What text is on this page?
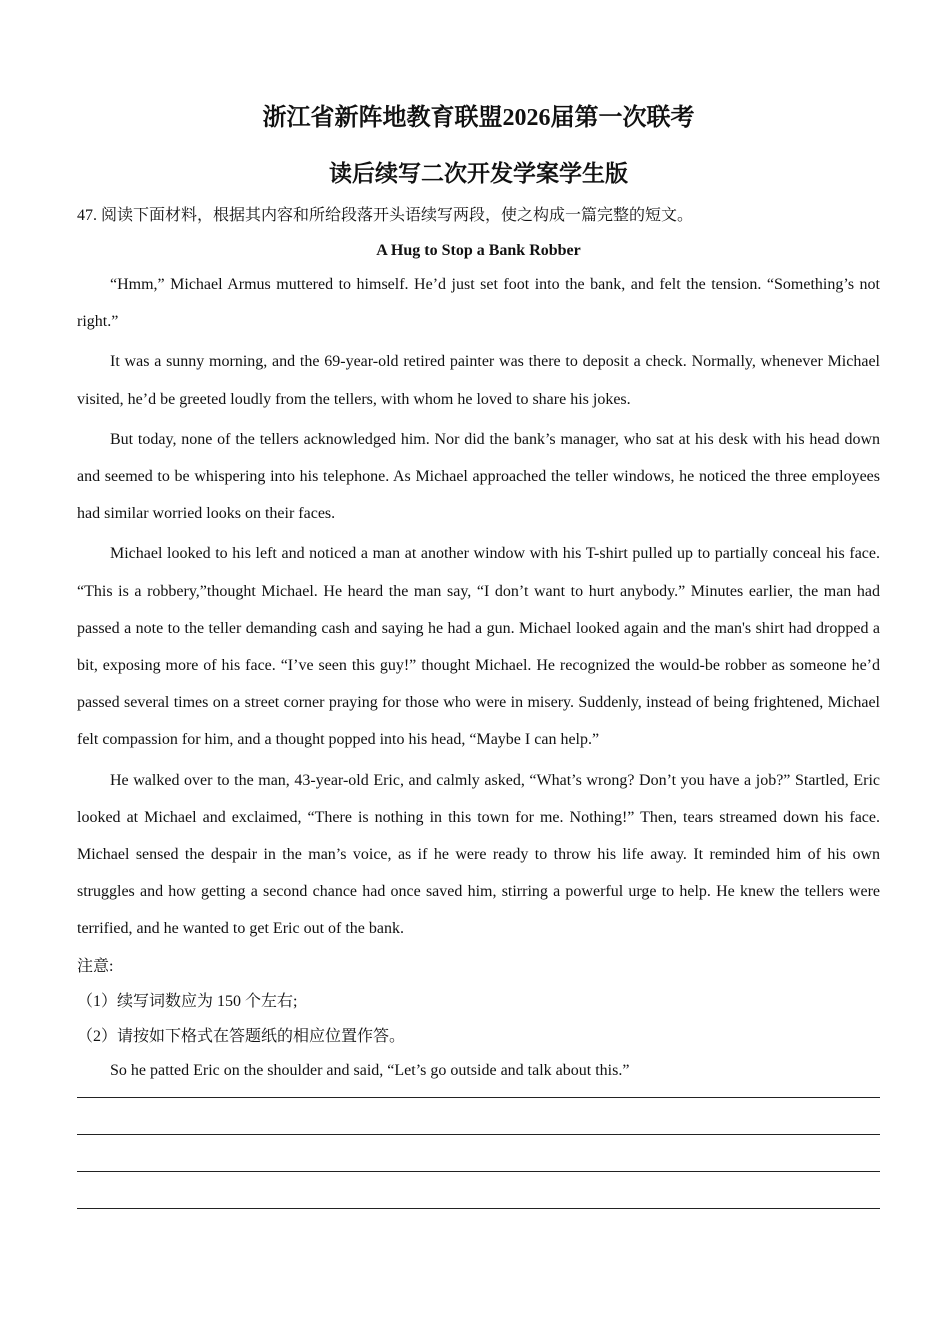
浙江省新阵地教育联盟2026届第一次联考
读后续写二次开发学案学生版

47. 阅读下面材料，根据其内容和所给段落开头语续写两段，使之构成一篇完整的短文。

A Hug to Stop a Bank Robber

“Hmm,” Michael Armus muttered to himself. He’d just set foot into the bank, and felt the tension. “Something’s not right.”

It was a sunny morning, and the 69-year-old retired painter was there to deposit a check. Normally, whenever Michael visited, he’d be greeted loudly from the tellers, with whom he loved to share his jokes.

But today, none of the tellers acknowledged him. Nor did the bank’s manager, who sat at his desk with his head down and seemed to be whispering into his telephone. As Michael approached the teller windows, he noticed the three employees had similar worried looks on their faces.

Michael looked to his left and noticed a man at another window with his T-shirt pulled up to partially conceal his face. “This is a robbery,”thought Michael. He heard the man say, “I don’t want to hurt anybody.” Minutes earlier, the man had passed a note to the teller demanding cash and saying he had a gun. Michael looked again and the man's shirt had dropped a bit, exposing more of his face. “I’ve seen this guy!” thought Michael. He recognized the would-be robber as someone he’d passed several times on a street corner praying for those who were in misery. Suddenly, instead of being frightened, Michael felt compassion for him, and a thought popped into his head, “Maybe I can help.”

He walked over to the man, 43-year-old Eric, and calmly asked, “What’s wrong? Don’t you have a job?” Startled, Eric looked at Michael and exclaimed, “There is nothing in this town for me. Nothing!” Then, tears streamed down his face. Michael sensed the despair in the man’s voice, as if he were ready to throw his life away. It reminded him of his own struggles and how getting a second chance had once saved him, stirring a powerful urge to help. He knew the tellers were terrified, and he wanted to get Eric out of the bank.

注意:

（1）续写词数应为 150 个左右;

（2）请按如下格式在答题纸的相应位置作答。

So he patted Eric on the shoulder and said, “Let’s go outside and talk about this.”
